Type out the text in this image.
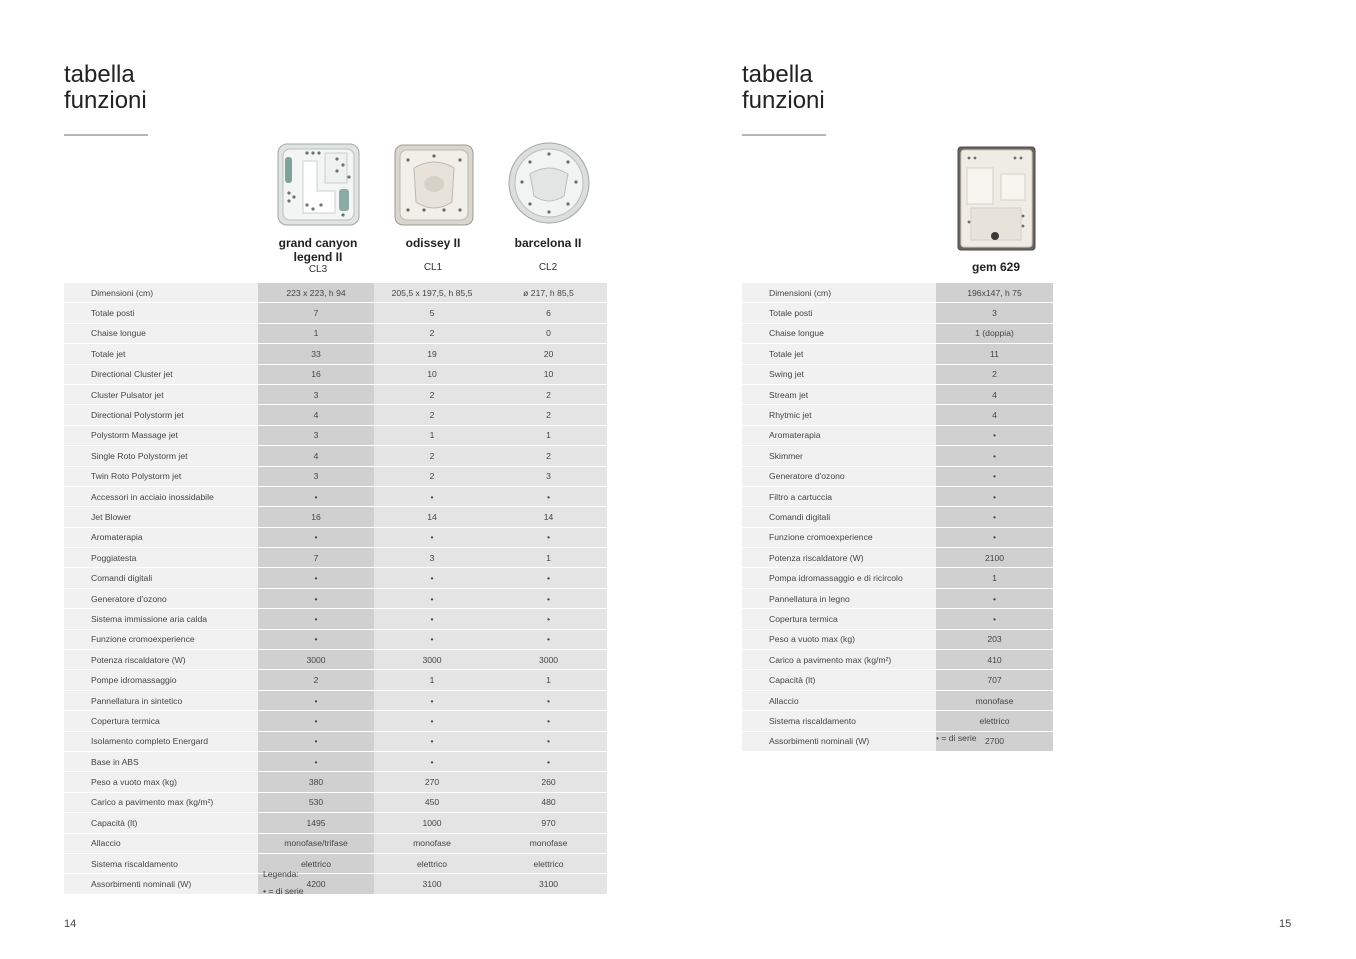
tabella
funzioni
grand canyon
legend II
CL3
odissey II
CL1
barcelona II
CL2
Dimensioni (cm)	223 x 223, h 94	205,5 x 197,5, h 85,5	ø 217, h 85,5
Totale posti	7	5	6
Chaise longue	1	2	0
Totale jet	33	19	20
Directional Cluster jet	16	10	10
Cluster Pulsator jet	3	2	2
Directional Polystorm jet	4	2	2
Polystorm Massage jet	3	1	1
Single Roto Polystorm jet	4	2	2
Twin Roto Polystorm jet	3	2	3
Accessori in acciaio inossidabile	•	•	•
Jet Blower	16	14	14
Aromaterapia	•	•	•
Poggiatesta	7	3	1
Comandi digitali	•	•	•
Generatore d'ozono	•	•	•
Sistema immissione aria calda	•	•	•
Funzione cromoexperience	•	•	•
Potenza riscaldatore (W)	3000	3000	3000
Pompe idromassaggio	2	1	1
Pannellatura in sintetico	•	•	•
Copertura termica	•	•	•
Isolamento completo Energard	•	•	•
Base in ABS	•	•	•
Peso a vuoto max (kg)	380	270	260
Carico a pavimento max (kg/m²)	530	450	480
Capacità (lt)	1495	1000	970
Allaccio	monofase/trifase	monofase	monofase
Sistema riscaldamento	elettrico	elettrico	elettrico
Assorbimenti nominali (W)	4200	3100	3100
Legenda:
• = di serie
14
tabella
funzioni
gem 629
Dimensioni (cm)	196x147, h 75
Totale posti	3
Chaise longue	1 (doppia)
Totale jet	11
Swing jet	2
Stream jet	4
Rhytmic jet	4
Aromaterapia	•
Skimmer	•
Generatore d'ozono	•
Filtro a cartuccia	•
Comandi digitali	•
Funzione cromoexperience	•
Potenza riscaldatore (W)	2100
Pompa idromassaggio e di ricircolo	1
Pannellatura in legno	•
Copertura termica	•
Peso a vuoto max (kg)	203
Carico a pavimento max (kg/m²)	410
Capacità (lt)	707
Allaccio	monofase
Sistema riscaldamento	elettrico
Assorbimenti nominali (W)	2700
• = di serie
15
